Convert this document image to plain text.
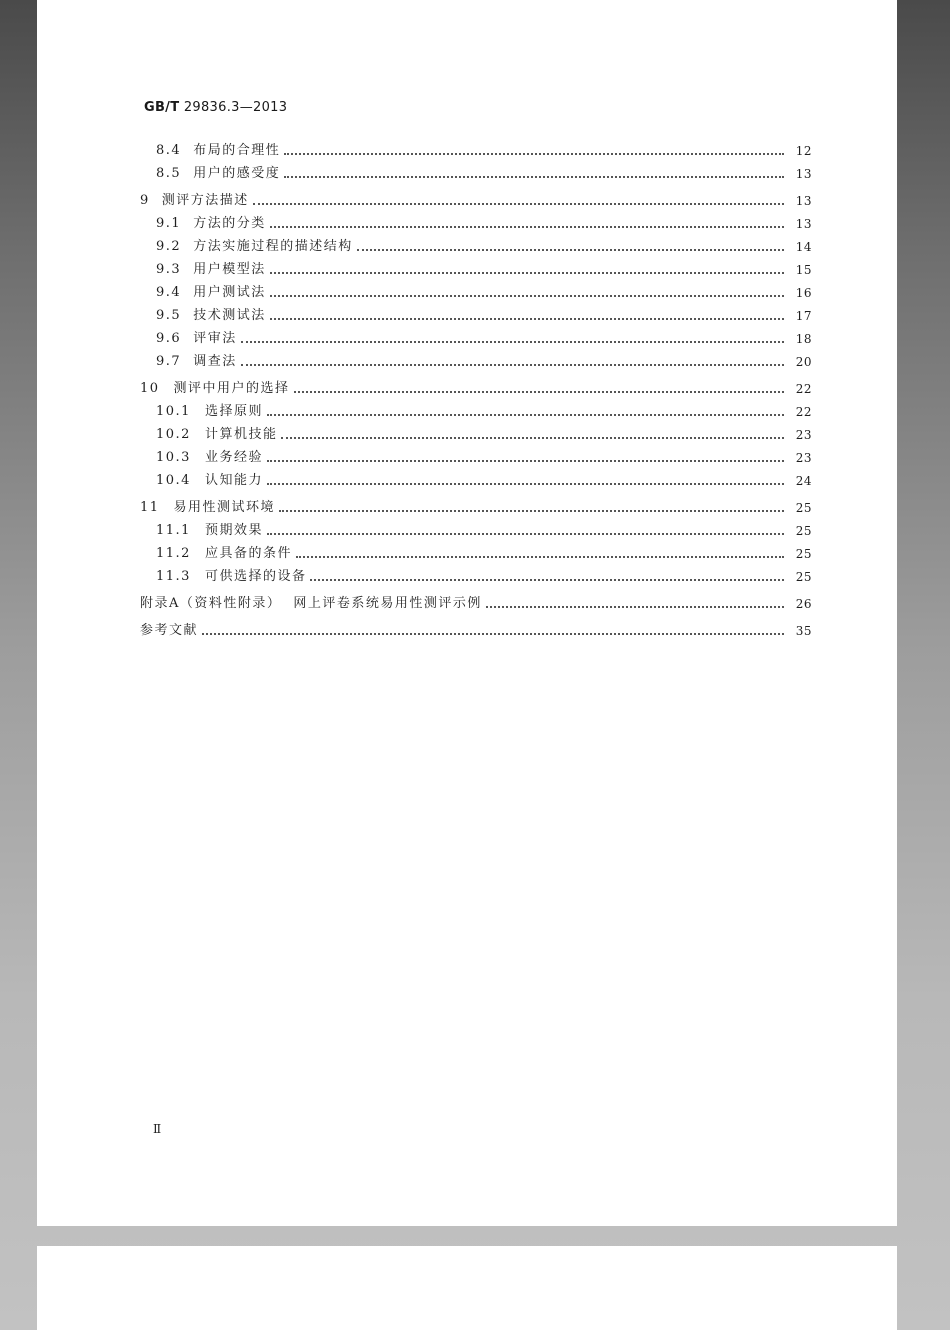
GB/T 29836.3—2013
8.4 布局的合理性	12
8.5 用户的感受度	13
9 测评方法描述	13
9.1 方法的分类	13
9.2 方法实施过程的描述结构	14
9.3 用户模型法	15
9.4 用户测试法	16
9.5 技术测试法	17
9.6 评审法	18
9.7 调查法	20
10 测评中用户的选择	22
10.1 选择原则	22
10.2 计算机技能	23
10.3 业务经验	23
10.4 认知能力	24
11 易用性测试环境	25
11.1 预期效果	25
11.2 应具备的条件	25
11.3 可供选择的设备	25
附录A（资料性附录） 网上评卷系统易用性测评示例	26
参考文献	35
Ⅱ
